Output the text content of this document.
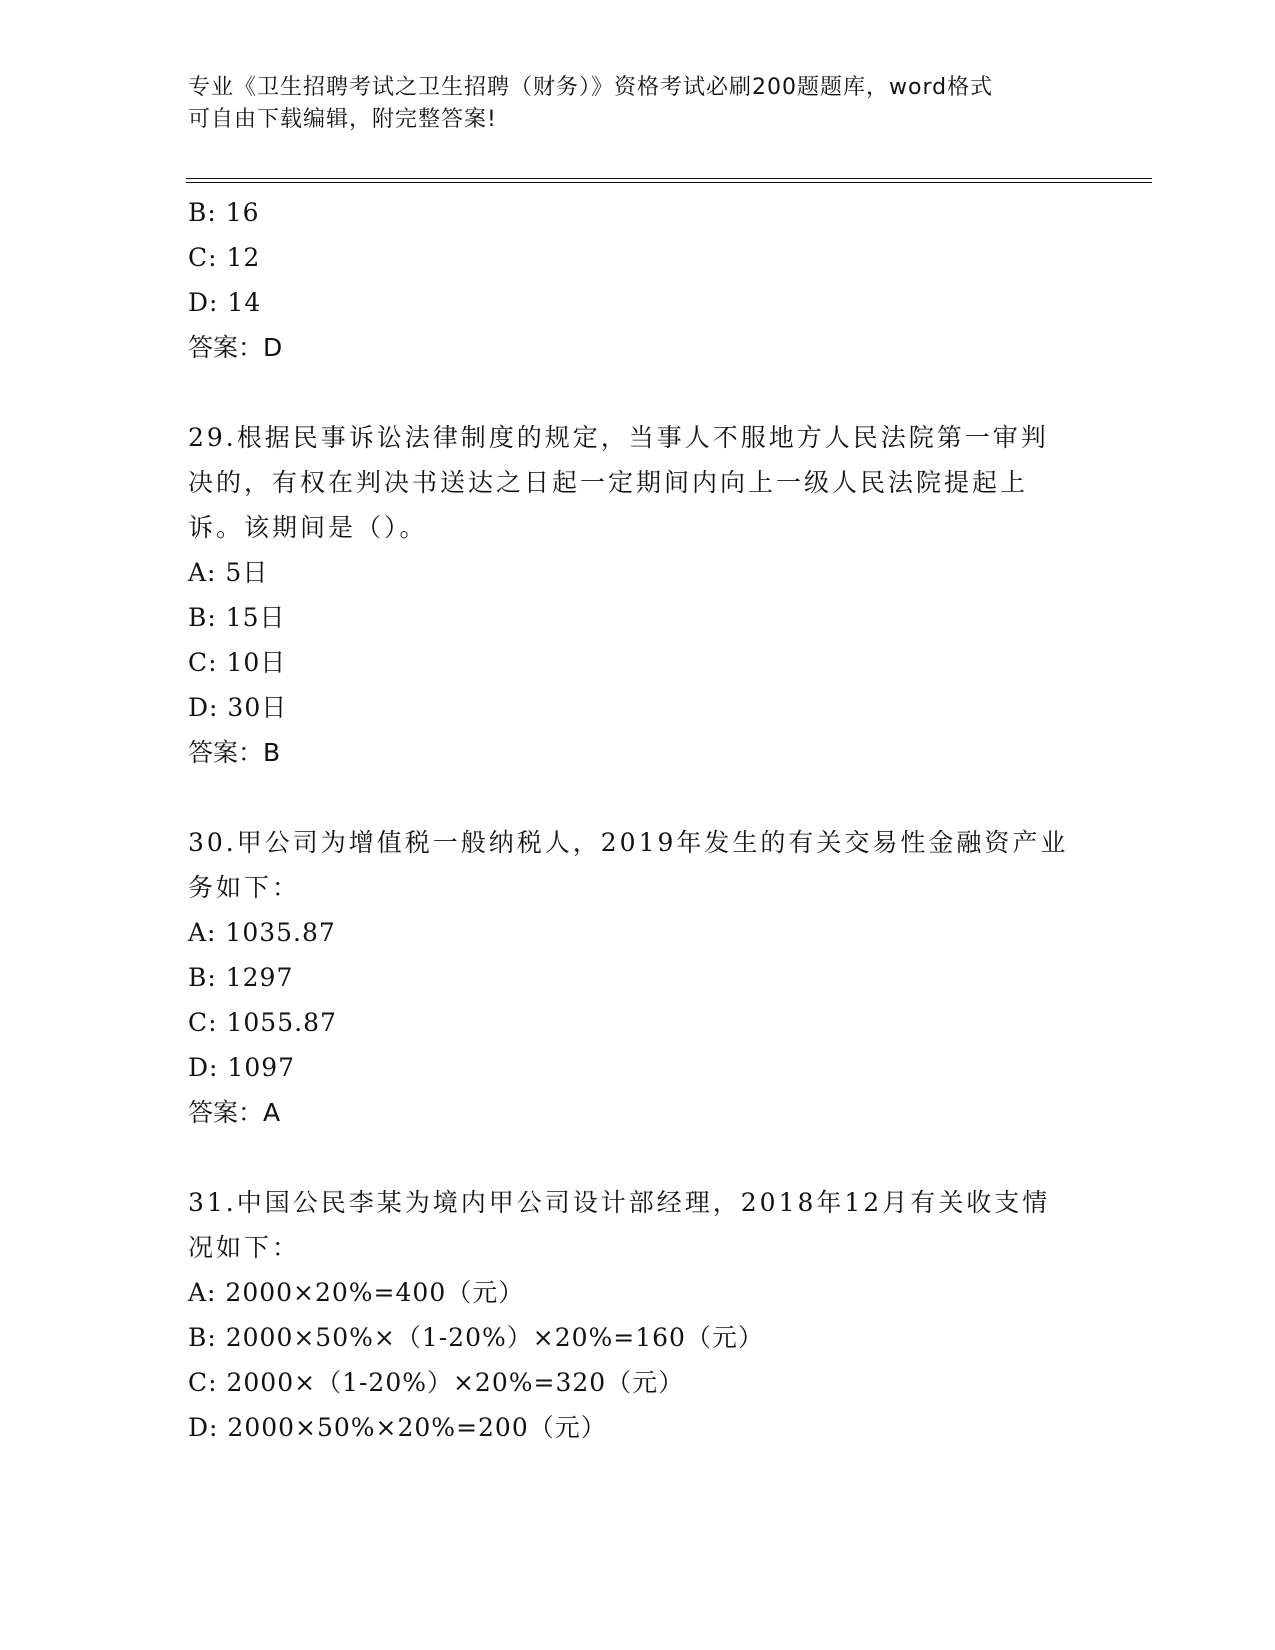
专业《卫生招聘考试之卫生招聘（财务）》资格考试必刷200题题库，word格式
可自由下载编辑，附完整答案!
B: 16
C: 12
D: 14
答案：D
29.根据民事诉讼法律制度的规定，当事人不服地方人民法院第一审判
决的，有权在判决书送达之日起一定期间内向上一级人民法院提起上
诉。该期间是（）。
A: 5日
B: 15日
C: 10日
D: 30日
答案：B
30.甲公司为增值税一般纳税人，2019年发生的有关交易性金融资产业
务如下：
A: 1035.87
B: 1297
C: 1055.87
D: 1097
答案：A
31.中国公民李某为境内甲公司设计部经理，2018年12月有关收支情
况如下：
A: 2000×20%=400（元）
B: 2000×50%×（1-20%）×20%=160（元）
C: 2000×（1-20%）×20%=320（元）
D: 2000×50%×20%=200（元）
